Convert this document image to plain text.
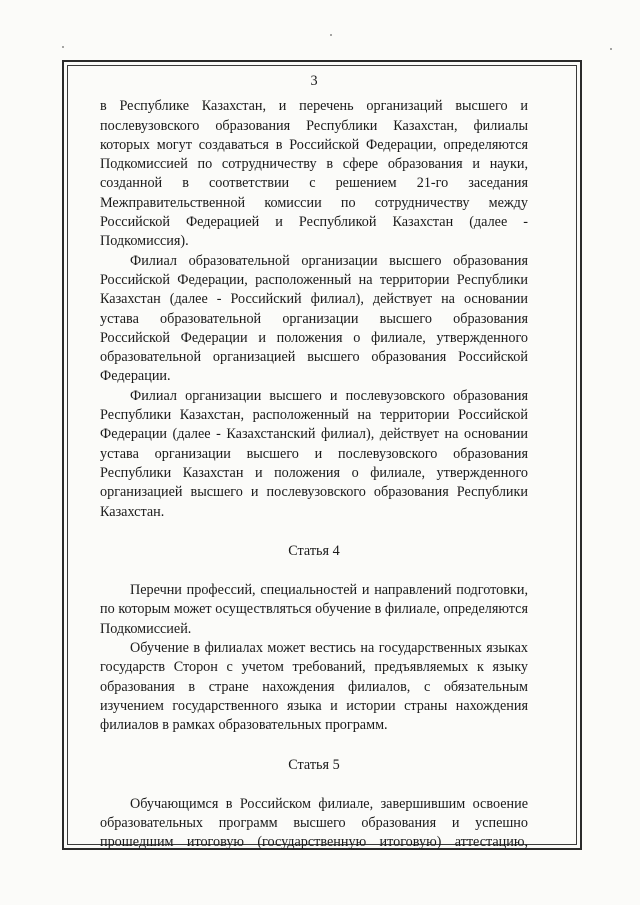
3

в Республике Казахстан, и перечень организаций высшего и послевузовского образования Республики Казахстан, филиалы которых могут создаваться в Российской Федерации, определяются Подкомиссией по сотрудничеству в сфере образования и науки, созданной в соответствии с решением 21-го заседания Межправительственной комиссии по сотрудничеству между Российской Федерацией и Республикой Казахстан (далее - Подкомиссия).

Филиал образовательной организации высшего образования Российской Федерации, расположенный на территории Республики Казахстан (далее - Российский филиал), действует на основании устава образовательной организации высшего образования Российской Федерации и положения о филиале, утвержденного образовательной организацией высшего образования Российской Федерации.

Филиал организации высшего и послевузовского образования Республики Казахстан, расположенный на территории Российской Федерации (далее - Казахстанский филиал), действует на основании устава организации высшего и послевузовского образования Республики Казахстан и положения о филиале, утвержденного организацией высшего и послевузовского образования Республики Казахстан.

Статья 4

Перечни профессий, специальностей и направлений подготовки, по которым может осуществляться обучение в филиале, определяются Подкомиссией.

Обучение в филиалах может вестись на государственных языках государств Сторон с учетом требований, предъявляемых к языку образования в стране нахождения филиалов, с обязательным изучением государственного языка и истории страны нахождения филиалов в рамках образовательных программ.

Статья 5

Обучающимся в Российском филиале, завершившим освоение образовательных программ высшего образования и успешно прошедшим итоговую (государственную итоговую) аттестацию,
